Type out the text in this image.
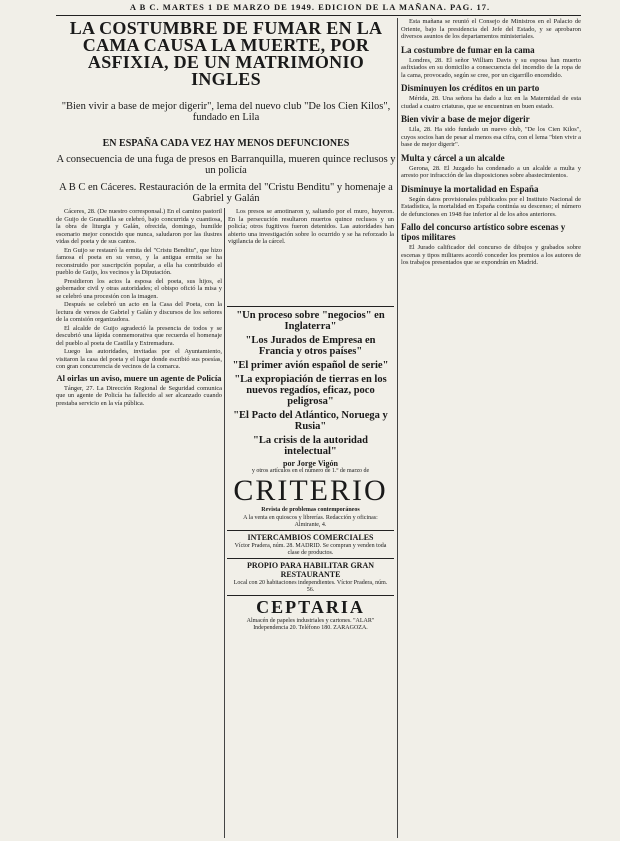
A B C. MARTES 1 DE MARZO DE 1949. EDICION DE LA MAÑANA. PAG. 17.
LA COSTUMBRE DE FUMAR EN LA CAMA CAUSA LA MUERTE, POR ASFIXIA, DE UN MATRIMONIO INGLES
"Bien vivir a base de mejor digerir", lema del nuevo club "De los Cien Kilos", fundado en Lila
EN ESPAÑA CADA VEZ HAY MENOS DEFUNCIONES
A consecuencia de una fuga de presos en Barranquilla, mueren quince reclusos y un policía
A B C en Cáceres. Restauración de la ermita del "Cristu Benditu" y homenaje a Gabriel y Galán

Cáceres, 28. (De nuestro corresponsal.) En el camino pastoril de Guijo de Granadilla se celebró, bajo concurrida y cuantiosa, la obra de liturgia y Galán, ofrecida, domingo, humilde escenario mejor conocido que nunca, saludaron por las ilustres vidas del poeta y de sus cantos.

En Guijo se restauró la ermita del "Cristu Benditu", que hizo famosa el poeta en su verso, y la antigua ermita se ha reconstruido por suscripción popular, a ella ha contribuido el pueblo de Guijo, los vecinos y la Diputación.

Presidieron los actos la esposa del poeta, sus hijos, el gobernador civil y otras autoridades; el obispo ofició la misa y se celebró una procesión con la imagen.

Después se celebró un acto en la Casa del Poeta, con la lectura de versos de Gabriel y Galán y discursos de los señores de la comisión organizadora.

El alcalde de Guijo agradeció la presencia de todos y se descubrió una lápida conmemorativa que recuerda el homenaje del pueblo al poeta de Castilla y Extremadura.

Luego las autoridades, invitadas por el Ayuntamiento, visitaron la casa del poeta y el lugar donde escribió sus poesías, con gran concurrencia de vecinos de la comarca.

Al oirlas un aviso, muere un agente de Policía

Tánger, 27. La Dirección Regional de Seguridad comunica que un agente de Policía ha fallecido al ser alcanzado cuando prestaba servicio en la vía pública.

Los presos se amotinaron y, saltando por el muro, huyeron. En la persecución resultaron muertos quince reclusos y un policía; otros fugitivos fueron detenidos. Las autoridades han abierto una investigación sobre lo ocurrido y se ha reforzado la vigilancia de la cárcel.

"Un proceso sobre "negocios" en Inglaterra"
"Los Jurados de Empresa en Francia y otros países"
"El primer avión español de serie"
"La expropiación de tierras en los nuevos regadíos, eficaz, poco peligrosa"
"El Pacto del Atlántico, Noruega y Rusia"
"La crisis de la autoridad intelectual"
por Jorge Vigón
y otros artículos en el número de 1.º de marzo de
CRITERIO
Revista de problemas contemporáneos
A la venta en quioscos y librerías. Redacción y oficinas: Almirante, 4.
INTERCAMBIOS COMERCIALES
Víctor Pradera, núm. 28. MADRID. Se compran y venden toda clase de productos.
PROPIO PARA HABILITAR GRAN RESTAURANTE
Local con 20 habitaciones independientes. Víctor Pradera, núm. 56.
CEPTARIA
Almacén de papeles industriales y cartones. "ALAR" Independencia 20. Teléfono 180. ZARAGOZA.

Esta mañana se reunió el Consejo de Ministros en el Palacio de Oriente, bajo la presidencia del Jefe del Estado, y se aprobaron diversos asuntos de los departamentos ministeriales.

La costumbre de fumar en la cama

Londres, 28. El señor William Davis y su esposa han muerto asfixiados en su domicilio a consecuencia del incendio de la ropa de la cama, provocado, según se cree, por un cigarrillo encendido.

Disminuyen los créditos en un parto

Mérida, 28. Una señora ha dado a luz en la Maternidad de esta ciudad a cuatro criaturas, que se encuentran en buen estado.

Bien vivir a base de mejor digerir

Lila, 28. Ha sido fundado un nuevo club, "De los Cien Kilos", cuyos socios han de pesar al menos esa cifra, con el lema "bien vivir a base de mejor digerir".

Multa y cárcel a un alcalde

Gerona, 28. El Juzgado ha condenado a un alcalde a multa y arresto por infracción de las disposiciones sobre abastecimientos.

Disminuye la mortalidad en España

Según datos provisionales publicados por el Instituto Nacional de Estadística, la mortalidad en España continúa su descenso; el número de defunciones en 1948 fue inferior al de los años anteriores.

Fallo del concurso artístico sobre escenas y tipos militares

El Jurado calificador del concurso de dibujos y grabados sobre escenas y tipos militares acordó conceder los premios a los autores de los trabajos presentados que se expondrán en Madrid.
